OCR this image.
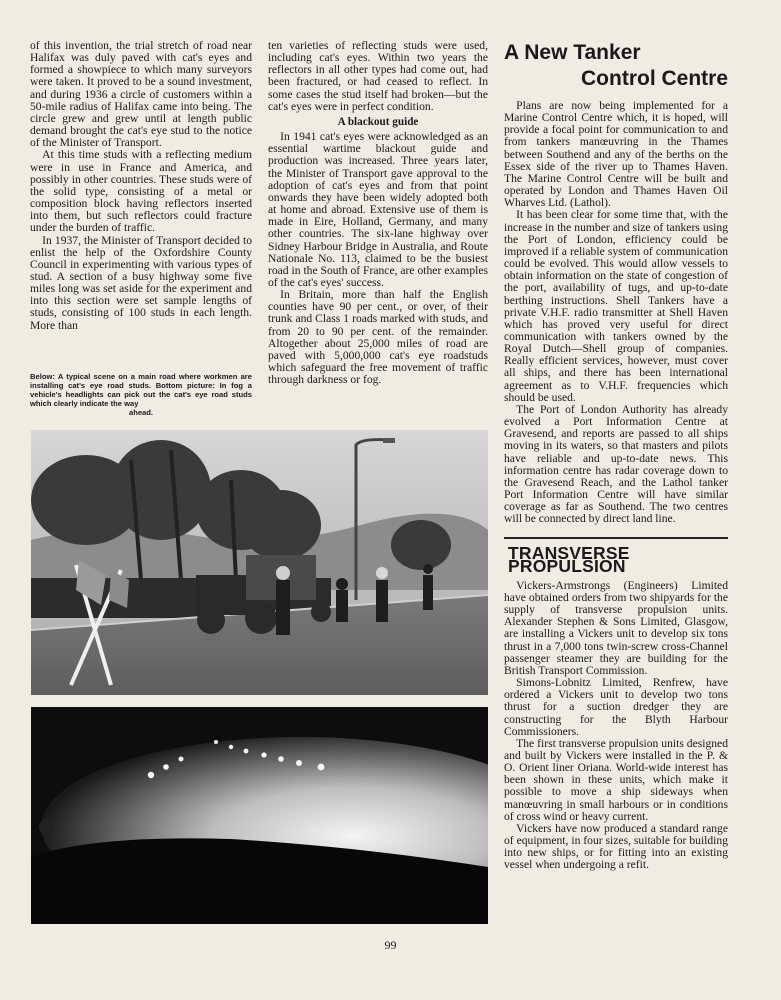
of this invention, the trial stretch of road near Halifax was duly paved with cat's eyes and formed a showpiece to which many surveyors were taken. It proved to be a sound investment, and during 1936 a circle of customers within a 50-mile radius of Halifax came into being. The circle grew and grew until at length public demand brought the cat's eye stud to the notice of the Minister of Transport.

At this time studs with a reflecting medium were in use in France and America, and possibly in other countries. These studs were of the solid type, consisting of a metal or composition block having reflectors inserted into them, but such reflectors could fracture under the burden of traffic.

In 1937, the Minister of Transport decided to enlist the help of the Oxfordshire County Council in experimenting with various types of stud. A section of a busy highway some five miles long was set aside for the experiment and into this section were set sample lengths of studs, consisting of 100 studs in each length. More than

Below: A typical scene on a main road where workmen are installing cat's eye road studs. Bottom picture: In fog a vehicle's headlights can pick out the cat's eye road studs which clearly indicate the way

ahead.

ten varieties of reflecting studs were used, including cat's eyes. Within two years the reflectors in all other types had come out, had been fractured, or had ceased to reflect. In some cases the stud itself had broken—but the cat's eyes were in perfect condition.

A blackout guide

In 1941 cat's eyes were acknowledged as an essential wartime blackout guide and production was increased. Three years later, the Minister of Transport gave approval to the adoption of cat's eyes and from that point onwards they have been widely adopted both at home and abroad. Extensive use of them is made in Eire, Holland, Germany, and many other countries. The six-lane highway over Sidney Harbour Bridge in Australia, and Route Nationale No. 113, claimed to be the busiest road in the South of France, are other examples of the cat's eyes' success.

In Britain, more than half the English counties have 90 per cent., or over, of their trunk and Class 1 roads marked with studs, and from 20 to 90 per cent. of the remainder. Altogether about 25,000 miles of road are paved with 5,000,000 cat's eye roadstuds which safeguard the free movement of traffic through darkness or fog.

A New Tanker
Control Centre

Plans are now being implemented for a Marine Control Centre which, it is hoped, will provide a focal point for communication to and from tankers manœuvring in the Thames between Southend and any of the berths on the Essex side of the river up to Thames Haven. The Marine Control Centre will be built and operated by London and Thames Haven Oil Wharves Ltd. (Lathol).

It has been clear for some time that, with the increase in the number and size of tankers using the Port of London, efficiency could be improved if a reliable system of communication could be evolved. This would allow vessels to obtain information on the state of congestion of the port, availability of tugs, and up-to-date berthing instructions. Shell Tankers have a private V.H.F. radio transmitter at Shell Haven which has proved very useful for direct communication with tankers owned by the Royal Dutch—Shell group of companies. Really efficient services, however, must cover all ships, and there has been international agreement as to V.H.F. frequencies which should be used.

The Port of London Authority has already evolved a Port Information Centre at Gravesend, and reports are passed to all ships moving in its waters, so that masters and pilots have reliable and up-to-date news. This information centre has radar coverage down to the Gravesend Reach, and the Lathol tanker Port Information Centre will have similar coverage as far as Southend. The two centres will be connected by direct land line.

TRANSVERSE PROPULSION

Vickers-Armstrongs (Engineers) Limited have obtained orders from two shipyards for the supply of transverse propulsion units. Alexander Stephen & Sons Limited, Glasgow, are installing a Vickers unit to develop six tons thrust in a 7,000 tons twin-screw cross-Channel passenger steamer they are building for the British Transport Commission.

Simons-Lobnitz Limited, Renfrew, have ordered a Vickers unit to develop two tons thrust for a suction dredger they are constructing for the Blyth Harbour Commissioners.

The first transverse propulsion units designed and built by Vickers were installed in the P. & O. Orient liner Oriana. World-wide interest has been shown in these units, which make it possible to move a ship sideways when manœuvring in small harbours or in conditions of cross wind or heavy current.

Vickers have now produced a standard range of equipment, in four sizes, suitable for building into new ships, or for fitting into an existing vessel when undergoing a refit.

99
